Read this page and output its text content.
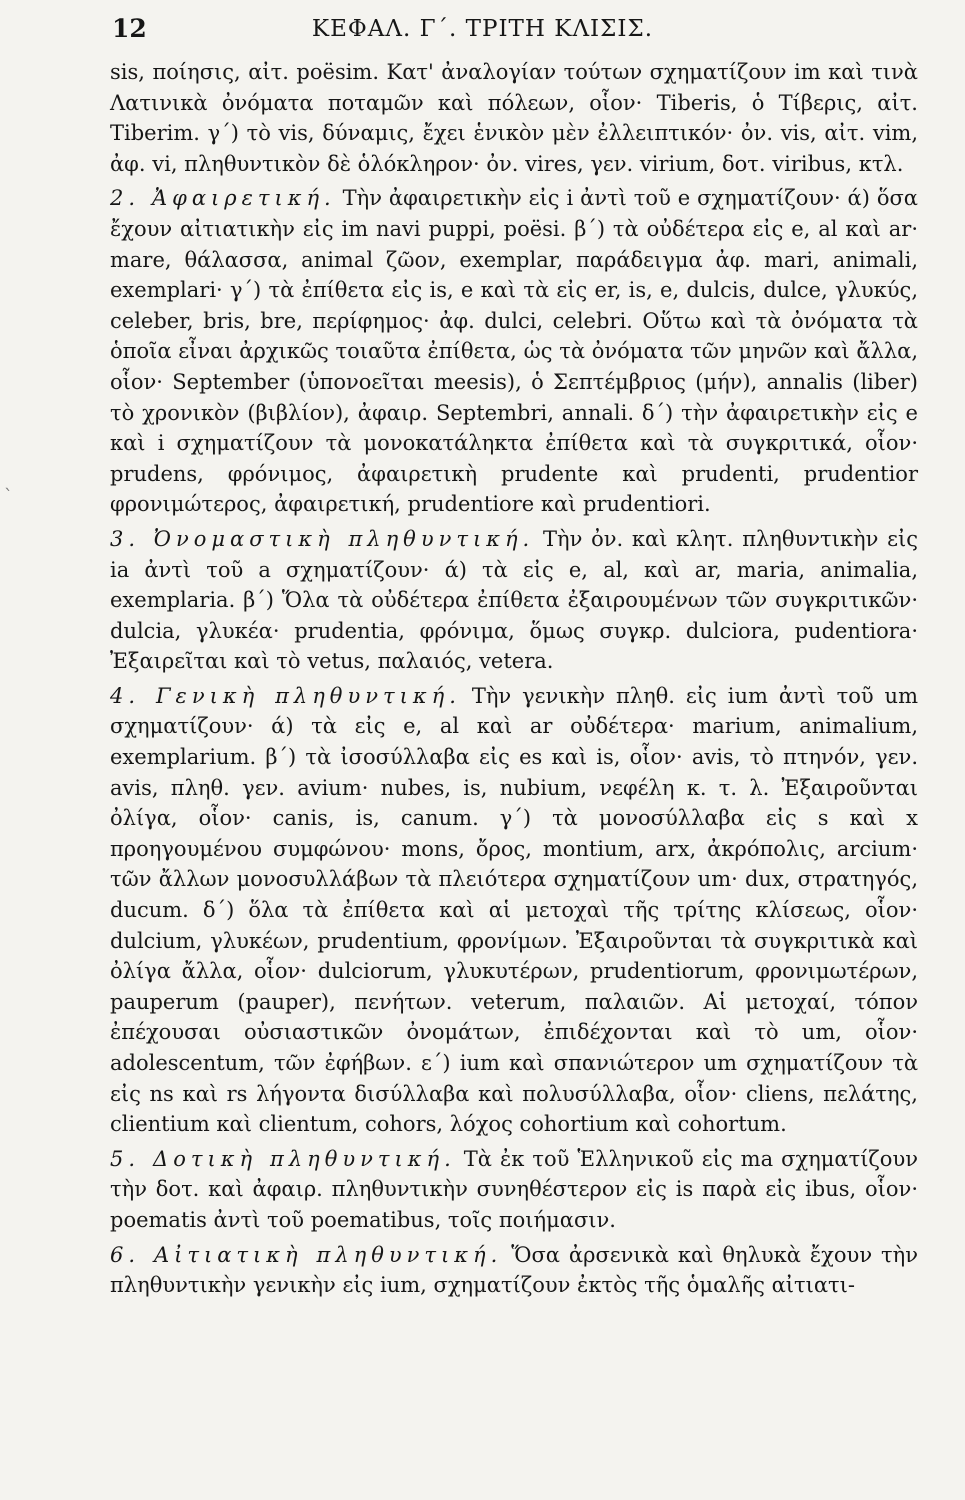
12	ΚΕΦΑΛ. Γ΄. ΤΡΙΤΗ ΚΛΙΣΙΣ.
`

sis, ποίησις, αἰτ. poësim. Κατ' ἀναλογίαν τούτων σχηματίζουν im καὶ τινὰ Λατινικὰ ὀνόματα ποταμῶν καὶ πόλεων, οἷον· Tiberis, ὁ Τίβερις, αἰτ. Tiberim. γ΄) τὸ vis, δύναμις, ἔχει ἑνικὸν μὲν ἐλλειπτικόν· ὀν. vis, αἰτ. vim, ἀφ. vi, πληθυντικὸν δὲ ὁλόκληρον· ὀν. vires, γεν. virium, δοτ. viribus, κτλ.

2. Ἀφαιρετική. Τὴν ἀφαιρετικὴν εἰς i ἀντὶ τοῦ e σχηματίζουν· ά) ὅσα ἔχουν αἰτιατικὴν εἰς im navi puppi, poësi. β΄) τὰ οὐδέτερα εἰς e, al καὶ ar· mare, θάλασσα, animal ζῶον, exemplar, παράδειγμα ἀφ. mari, animali, exemplari· γ΄) τὰ ἐπίθετα εἰς is, e καὶ τὰ εἰς er, is, e, dulcis, dulce, γλυκύς, celeber, bris, bre, περίφημος· ἀφ. dulci, celebri. Οὕτω καὶ τὰ ὀνόματα τὰ ὁποῖα εἶναι ἀρχικῶς τοιαῦτα ἐπίθετα, ὡς τὰ ὀνόματα τῶν μηνῶν καὶ ἄλλα, οἷον· September (ὑπονοεῖται meesis), ὁ Σεπτέμβριος (μήν), annalis (liber) τὸ χρονικὸν (βιβλίον), ἀφαιρ. Septembri, annali. δ΄) τὴν ἀφαιρετικὴν εἰς e καὶ i σχηματίζουν τὰ μονοκατάληκτα ἐπίθετα καὶ τὰ συγκριτικά, οἷον· prudens, φρόνιμος, ἀφαιρετικὴ prudente καὶ prudenti, prudentior φρονιμώτερος, ἀφαιρετική, prudentiore καὶ prudentiori.

3. Ὀνομαστικὴ πληθυντική. Τὴν ὀν. καὶ κλητ. πληθυντικὴν εἰς ia ἀντὶ τοῦ a σχηματίζουν· ά) τὰ εἰς e, al, καὶ ar, maria, animalia, exemplaria. β΄) Ὅλα τὰ οὐδέτερα ἐπίθετα ἐξαιρουμένων τῶν συγκριτικῶν· dulcia, γλυκέα· prudentia, φρόνιμα, ὅμως συγκρ. dulciora, pudentiora· Ἐξαιρεῖται καὶ τὸ vetus, παλαιός, vetera.

4. Γενικὴ πληθυντική. Τὴν γενικὴν πληθ. εἰς ium ἀντὶ τοῦ um σχηματίζουν· ά) τὰ εἰς e, al καὶ ar οὐδέτερα· marium, animalium, exemplarium. β΄) τὰ ἰσοσύλλαβα εἰς es καὶ is, οἷον· avis, τὸ πτηνόν, γεν. avis, πληθ. γεν. avium· nubes, is, nubium, νεφέλη κ. τ. λ. Ἐξαιροῦνται ὀλίγα, οἷον· canis, is, canum. γ΄) τὰ μονοσύλλαβα εἰς s καὶ x προηγουμένου συμφώνου· mons, ὄρος, montium, arx, ἀκρόπολις, arcium· τῶν ἄλλων μονοσυλλάβων τὰ πλειότερα σχηματίζουν um· dux, στρατηγός, ducum. δ΄) ὅλα τὰ ἐπίθετα καὶ αἱ μετοχαὶ τῆς τρίτης κλίσεως, οἷον· dulcium, γλυκέων, prudentium, φρονίμων. Ἐξαιροῦνται τὰ συγκριτικὰ καὶ ὀλίγα ἄλλα, οἷον· dulciorum, γλυκυτέρων, prudentiorum, φρονιμωτέρων, pauperum (pauper), πενήτων. veterum, παλαιῶν. Αἱ μετοχαί, τόπον ἐπέχουσαι οὐσιαστικῶν ὀνομάτων, ἐπιδέχονται καὶ τὸ um, οἷον· adolescentum, τῶν ἐφήβων. ε΄) ium καὶ σπανιώτερον um σχηματίζουν τὰ εἰς ns καὶ rs λήγοντα δισύλλαβα καὶ πολυσύλλαβα, οἷον· cliens, πελάτης, clientium καὶ clientum, cohors, λόχος cohortium καὶ cohortum.

5. Δοτικὴ πληθυντική. Τὰ ἐκ τοῦ Ἑλληνικοῦ εἰς ma σχηματίζουν τὴν δοτ. καὶ ἀφαιρ. πληθυντικὴν συνηθέστερον εἰς is παρὰ εἰς ibus, οἷον· poematis ἀντὶ τοῦ poematibus, τοῖς ποιήμασιν.

6. Αἰτιατικὴ πληθυντική. Ὅσα ἀρσενικὰ καὶ θηλυκὰ ἔχουν τὴν πληθυντικὴν γενικὴν εἰς ium, σχηματίζουν ἐκτὸς τῆς ὁμαλῆς αἰτιατι-
